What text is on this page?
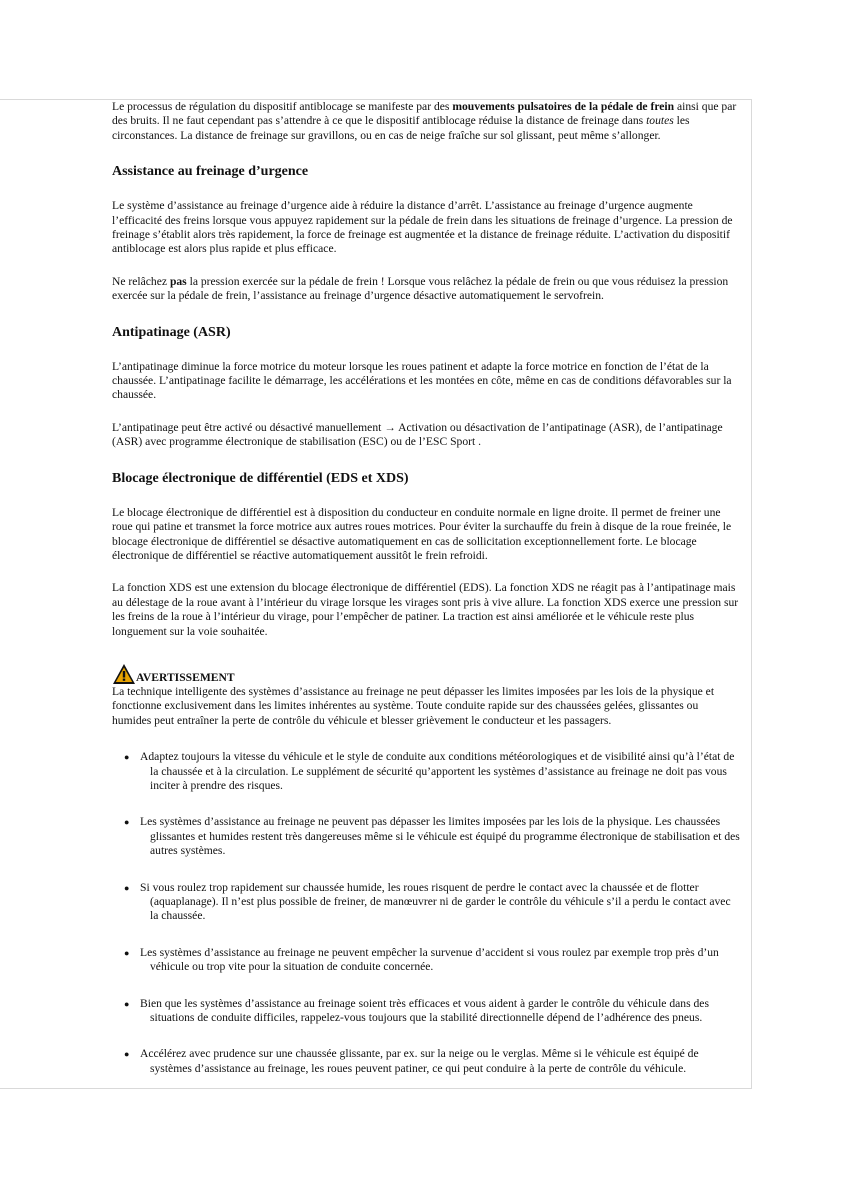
Le processus de régulation du dispositif antiblocage se manifeste par des mouvements pulsatoires de la pédale de frein ainsi que par des bruits. Il ne faut cependant pas s’attendre à ce que le dispositif antiblocage réduise la distance de freinage dans toutes les circonstances. La distance de freinage sur gravillons, ou en cas de neige fraîche sur sol glissant, peut même s’allonger.

Assistance au freinage d’urgence

Le système d’assistance au freinage d’urgence aide à réduire la distance d’arrêt. L’assistance au freinage d’urgence augmente l’efficacité des freins lorsque vous appuyez rapidement sur la pédale de frein dans les situations de freinage d’urgence. La pression de freinage s’établit alors très rapidement, la force de freinage est augmentée et la distance de freinage réduite. L’activation du dispositif antiblocage est alors plus rapide et plus efficace.

Ne relâchez pas la pression exercée sur la pédale de frein ! Lorsque vous relâchez la pédale de frein ou que vous réduisez la pression exercée sur la pédale de frein, l’assistance au freinage d’urgence désactive automatiquement le servofrein.

Antipatinage (ASR)

L’antipatinage diminue la force motrice du moteur lorsque les roues patinent et adapte la force motrice en fonction de l’état de la chaussée. L’antipatinage facilite le démarrage, les accélérations et les montées en côte, même en cas de conditions défavorables sur la chaussée.

L’antipatinage peut être activé ou désactivé manuellement → Activation ou désactivation de l’antipatinage (ASR), de l’antipatinage (ASR) avec programme électronique de stabilisation (ESC) ou de l’ESC Sport .

Blocage électronique de différentiel (EDS et XDS)

Le blocage électronique de différentiel est à disposition du conducteur en conduite normale en ligne droite. Il permet de freiner une roue qui patine et transmet la force motrice aux autres roues motrices. Pour éviter la surchauffe du frein à disque de la roue freinée, le blocage électronique de différentiel se désactive automatiquement en cas de sollicitation exceptionnellement forte. Le blocage électronique de différentiel se réactive automatiquement aussitôt le frein refroidi.

La fonction XDS est une extension du blocage électronique de différentiel (EDS). La fonction XDS ne réagit pas à l’antipatinage mais au délestage de la roue avant à l’intérieur du virage lorsque les virages sont pris à vive allure. La fonction XDS exerce une pression sur les freins de la roue à l’intérieur du virage, pour l’empêcher de patiner. La traction est ainsi améliorée et le véhicule reste plus longuement sur la voie souhaitée.

AVERTISSEMENT

La technique intelligente des systèmes d’assistance au freinage ne peut dépasser les limites imposées par les lois de la physique et fonctionne exclusivement dans les limites inhérentes au système. Toute conduite rapide sur des chaussées gelées, glissantes ou humides peut entraîner la perte de contrôle du véhicule et blesser grièvement le conducteur et les passagers.

● Adaptez toujours la vitesse du véhicule et le style de conduite aux conditions météorologiques et de visibilité ainsi qu’à l’état de la chaussée et à la circulation. Le supplément de sécurité qu’apportent les systèmes d’assistance au freinage ne doit pas vous inciter à prendre des risques.
● Les systèmes d’assistance au freinage ne peuvent pas dépasser les limites imposées par les lois de la physique. Les chaussées glissantes et humides restent très dangereuses même si le véhicule est équipé du programme électronique de stabilisation et des autres systèmes.
● Si vous roulez trop rapidement sur chaussée humide, les roues risquent de perdre le contact avec la chaussée et de flotter (aquaplanage). Il n’est plus possible de freiner, de manœuvrer ni de garder le contrôle du véhicule s’il a perdu le contact avec la chaussée.
● Les systèmes d’assistance au freinage ne peuvent empêcher la survenue d’accident si vous roulez par exemple trop près d’un véhicule ou trop vite pour la situation de conduite concernée.
● Bien que les systèmes d’assistance au freinage soient très efficaces et vous aident à garder le contrôle du véhicule dans des situations de conduite difficiles, rappelez-vous toujours que la stabilité directionnelle dépend de l’adhérence des pneus.
● Accélérez avec prudence sur une chaussée glissante, par ex. sur la neige ou le verglas. Même si le véhicule est équipé de systèmes d’assistance au freinage, les roues peuvent patiner, ce qui peut conduire à la perte de contrôle du véhicule.
